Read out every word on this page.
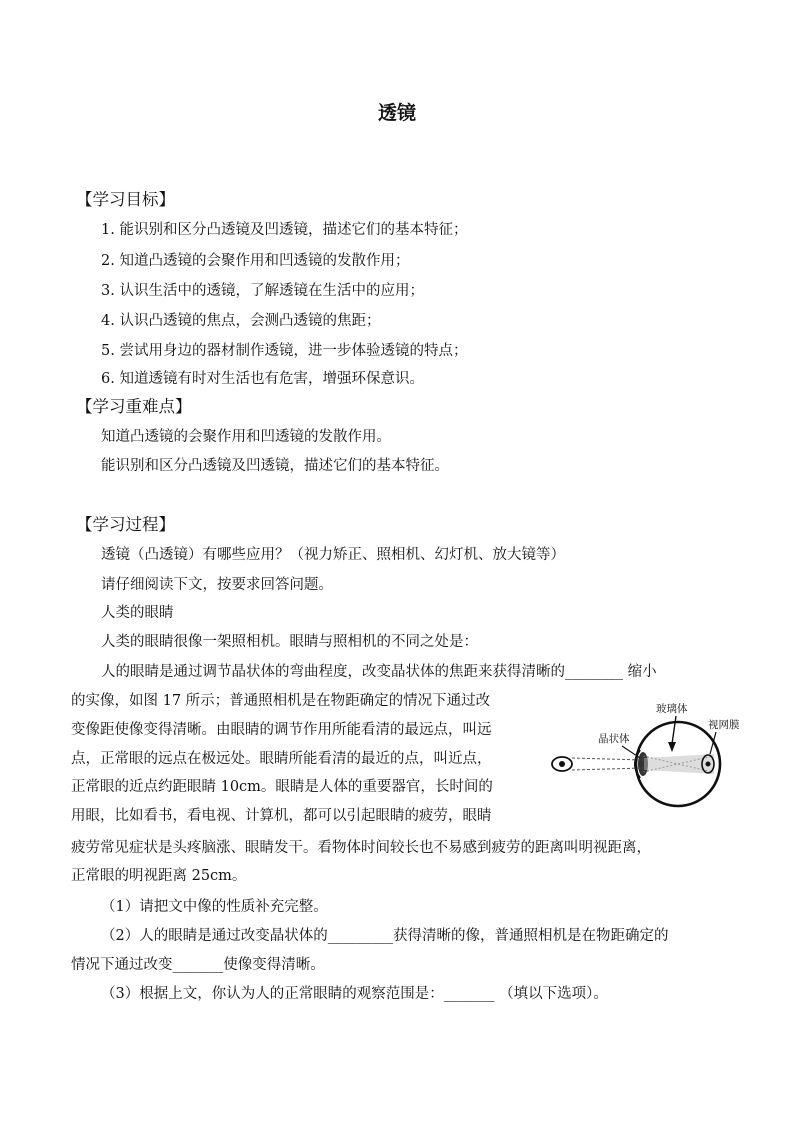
透镜
【学习目标】
1. 能识别和区分凸透镜及凹透镜，描述它们的基本特征；
2. 知道凸透镜的会聚作用和凹透镜的发散作用；
3. 认识生活中的透镜，了解透镜在生活中的应用；
4. 认识凸透镜的焦点，会测凸透镜的焦距；
5. 尝试用身边的器材制作透镜，进一步体验透镜的特点；
6. 知道透镜有时对生活也有危害，增强环保意识。
【学习重难点】
知道凸透镜的会聚作用和凹透镜的发散作用。
能识别和区分凸透镜及凹透镜，描述它们的基本特征。
【学习过程】
透镜（凸透镜）有哪些应用？（视力矫正、照相机、幻灯机、放大镜等）
请仔细阅读下文，按要求回答问题。
人类的眼睛
人类的眼睛很像一架照相机。眼睛与照相机的不同之处是：
人的眼睛是通过调节晶状体的弯曲程度，改变晶状体的焦距来获得清晰的________ 缩小
的实像，如图 17 所示；普通照相机是在物距确定的情况下通过改
变像距使像变得清晰。由眼睛的调节作用所能看清的最远点，叫远
点，正常眼的远点在极远处。眼睛所能看清的最近的点，叫近点，
正常眼的近点约距眼睛 10cm。眼睛是人体的重要器官，长时间的
用眼，比如看书，看电视、计算机，都可以引起眼睛的疲劳，眼睛
疲劳常见症状是头疼脑涨、眼睛发干。看物体时间较长也不易感到疲劳的距离叫明视距离，
正常眼的明视距离 25cm。
（1）请把文中像的性质补充完整。
（2）人的眼睛是通过改变晶状体的_________获得清晰的像，普通照相机是在物距确定的
情况下通过改变_______使像变得清晰。
（3）根据上文，你认为人的正常眼睛的观察范围是：_______ （填以下选项）。
玻璃体
晶状体
视网膜
